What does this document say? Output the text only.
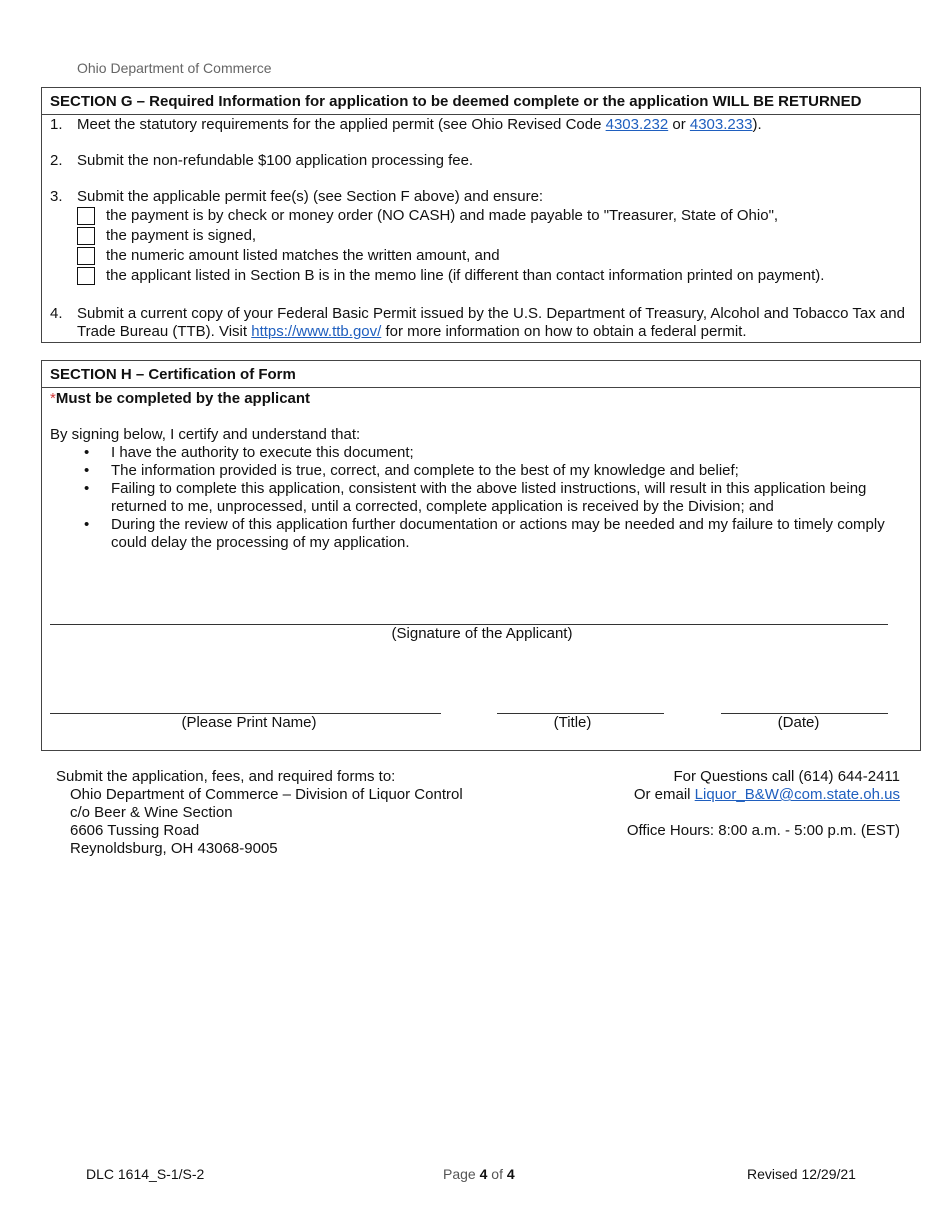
Ohio Department of Commerce
SECTION G – Required Information for application to be deemed complete or the application WILL BE RETURNED
1. Meet the statutory requirements for the applied permit (see Ohio Revised Code 4303.232 or 4303.233).
2. Submit the non-refundable $100 application processing fee.
3. Submit the applicable permit fee(s) (see Section F above) and ensure:
the payment is by check or money order (NO CASH) and made payable to "Treasurer, State of Ohio",
the payment is signed,
the numeric amount listed matches the written amount, and
the applicant listed in Section B is in the memo line (if different than contact information printed on payment).
4. Submit a current copy of your Federal Basic Permit issued by the U.S. Department of Treasury, Alcohol and Tobacco Tax and Trade Bureau (TTB). Visit https://www.ttb.gov/ for more information on how to obtain a federal permit.
SECTION H – Certification of Form
*Must be completed by the applicant
By signing below, I certify and understand that:
• I have the authority to execute this document;
• The information provided is true, correct, and complete to the best of my knowledge and belief;
• Failing to complete this application, consistent with the above listed instructions, will result in this application being returned to me, unprocessed, until a corrected, complete application is received by the Division; and
• During the review of this application further documentation or actions may be needed and my failure to timely comply could delay the processing of my application.
(Signature of the Applicant)
(Please Print Name)	(Title)	(Date)
Submit the application, fees, and required forms to:
Ohio Department of Commerce – Division of Liquor Control
c/o Beer & Wine Section
6606 Tussing Road
Reynoldsburg, OH 43068-9005
For Questions call (614) 644-2411
Or email Liquor_B&W@com.state.oh.us
Office Hours: 8:00 a.m. - 5:00 p.m. (EST)
DLC 1614_S-1/S-2	Page 4 of 4	Revised 12/29/21
